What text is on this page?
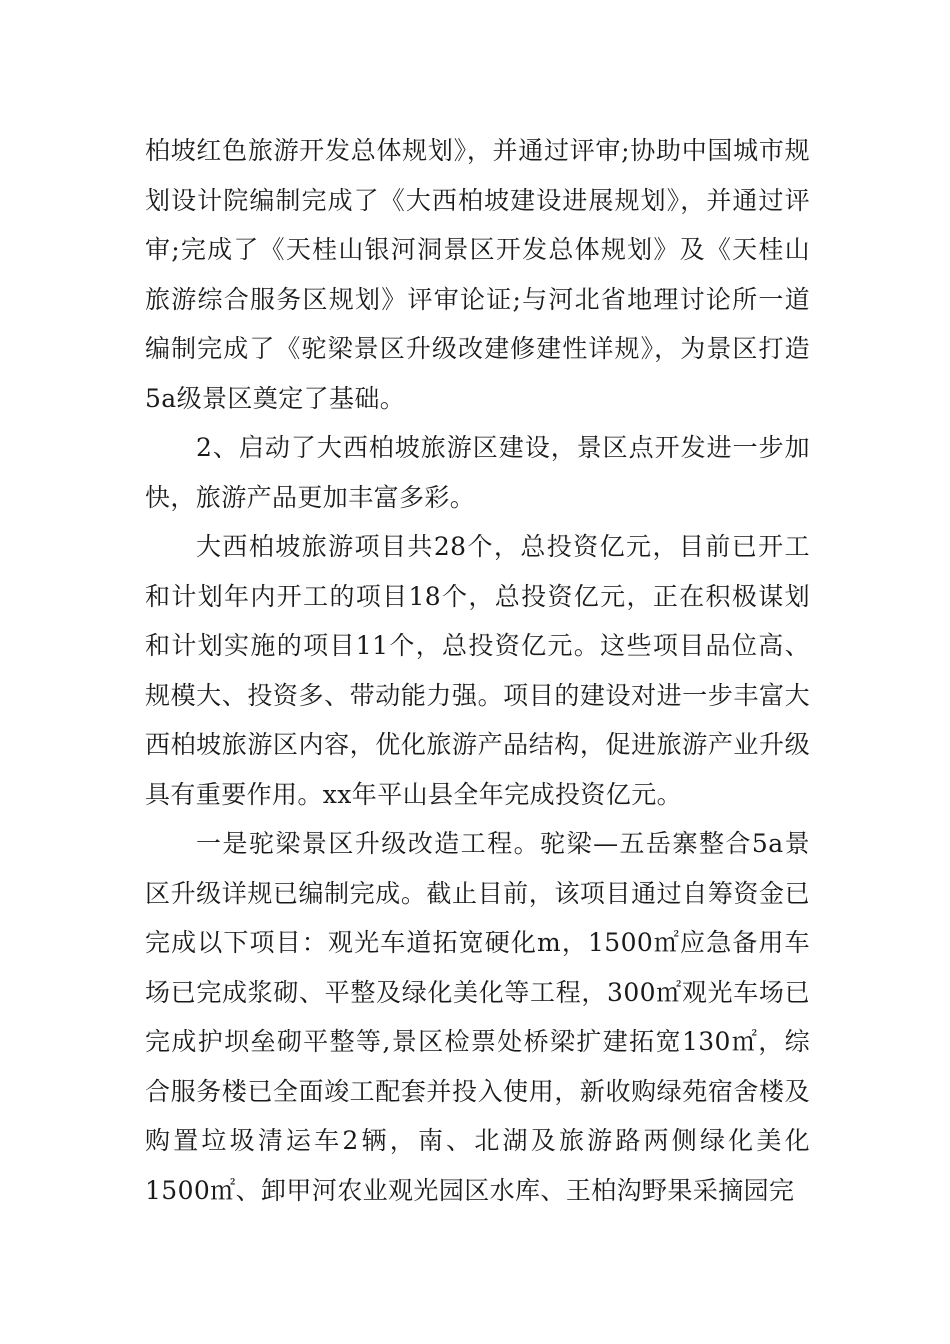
柏坡红色旅游开发总体规划》，并通过评审;协助中国城市规划设计院编制完成了《大西柏坡建设进展规划》，并通过评审;完成了《天桂山银河洞景区开发总体规划》及《天桂山旅游综合服务区规划》评审论证;与河北省地理讨论所一道编制完成了《驼梁景区升级改建修建性详规》，为景区打造5a级景区奠定了基础。

2、启动了大西柏坡旅游区建设，景区点开发进一步加快，旅游产品更加丰富多彩。

大西柏坡旅游项目共28个，总投资亿元，目前已开工和计划年内开工的项目18个，总投资亿元，正在积极谋划和计划实施的项目11个，总投资亿元。这些项目品位高、规模大、投资多、带动能力强。项目的建设对进一步丰富大西柏坡旅游区内容，优化旅游产品结构，促进旅游产业升级具有重要作用。xx年平山县全年完成投资亿元。

一是驼梁景区升级改造工程。驼梁—五岳寨整合5a景区升级详规已编制完成。截止目前，该项目通过自筹资金已完成以下项目：观光车道拓宽硬化m，1500㎡应急备用车场已完成浆砌、平整及绿化美化等工程，300㎡观光车场已完成护坝垒砌平整等,景区检票处桥梁扩建拓宽130㎡，综合服务楼已全面竣工配套并投入使用，新收购绿苑宿舍楼及购置垃圾清运车2辆，南、北湖及旅游路两侧绿化美化1500㎡、卸甲河农业观光园区水库、王柏沟野果采摘园完
